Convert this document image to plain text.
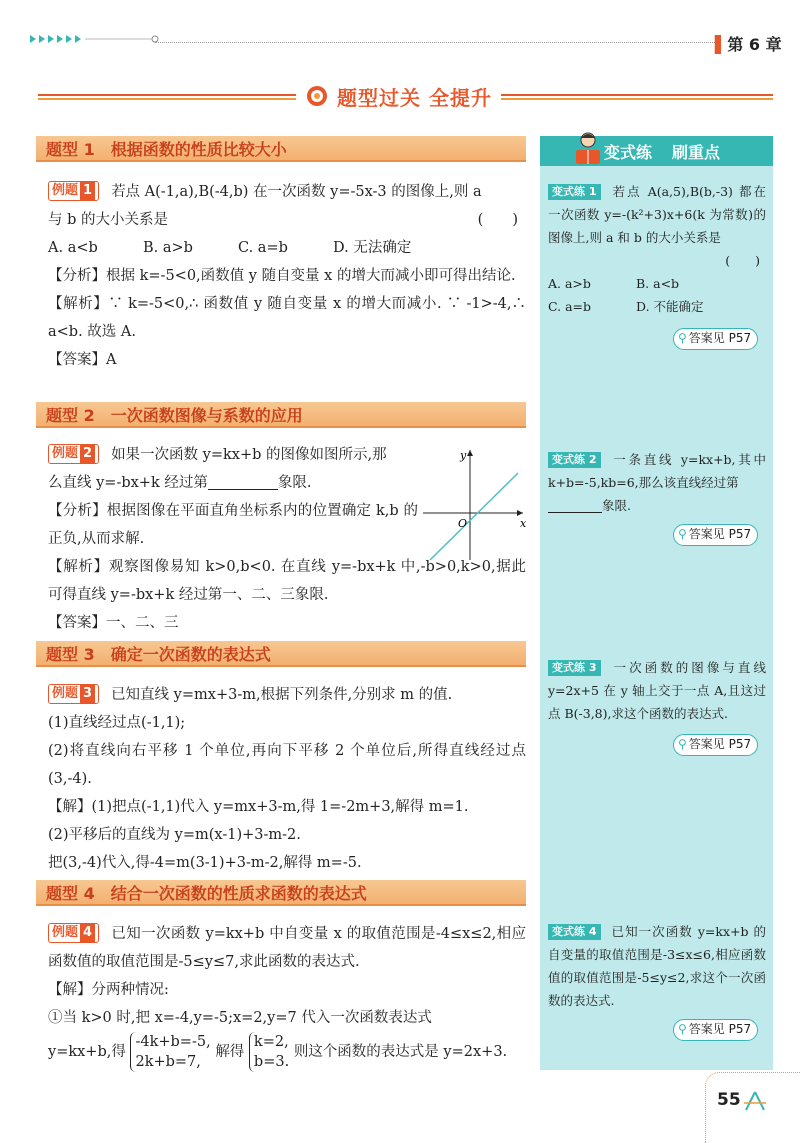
▌第 6 章
题型过关 全提升
题型 1　根据函数的性质比较大小
例题 1 若点 A(-1,a),B(-4,b) 在一次函数 y=-5x-3 的图像上,则 a
与 b 的大小关系是	(　　)

A. a<b	B. a>b	C. a=b	D. 无法确定
【分析】根据 k=-5<0,函数值 y 随自变量 x 的增大而减小即可得出结论.
【解析】∵ k=-5<0,∴ 函数值 y 随自变量 x 的增大而减小. ∵ -1>-4,∴ a<b. 故选 A.
【答案】A
题型 2　一次函数图像与系数的应用
例题 2 如果一次函数 y=kx+b 的图像如图所示,那
么直线 y=-bx+k 经过第	象限.
【分析】根据图像在平面直角坐标系内的位置确定 k,b 的正负,从而求解.
【解析】观察图像易知 k>0,b<0. 在直线 y=-bx+k 中,-b>0,k>0,据此可得直线 y=-bx+k 经过第一、二、三象限.
【答案】一、二、三
x
y
O
题型 3　确定一次函数的表达式
例题 3 已知直线 y=mx+3-m,根据下列条件,分别求 m 的值.
(1)直线经过点(-1,1);
(2)将直线向右平移 1 个单位,再向下平移 2 个单位后,所得直线经过点(3,-4).
【解】(1)把点(-1,1)代入 y=mx+3-m,得 1=-2m+3,解得 m=1.
(2)平移后的直线为 y=m(x-1)+3-m-2.
把(3,-4)代入,得-4=m(3-1)+3-m-2,解得 m=-5.
题型 4　结合一次函数的性质求函数的表达式
例题 4 已知一次函数 y=kx+b 中自变量 x 的取值范围是-4≤x≤2,相应函数值的取值范围是-5≤y≤7,求此函数的表达式.
【解】分两种情况:
①当 k>0 时,把 x=-4,y=-5;x=2,y=7 代入一次函数表达式
y=kx+b,得 -4k+b=-5,
2k+b=7, 解得 k=2,
b=3. 则这个函数的表达式是 y=2x+3.
变式练 刷重点
变式练 1 若点 A(a,5),B(b,-3) 都在一次函数 y=-(k²+3)x+6(k 为常数)的图像上,则 a 和 b 的大小关系是

(　　)

A. a>b	B. a<b
C. a=b	D. 不能确定
⚲ 答案见 P57
变式练 2 一条直线 y=kx+b,其中 k+b=-5,kb=6,那么该直线经过第
象限.
⚲ 答案见 P57
变式练 3 一次函数的图像与直线 y=2x+5 在 y 轴上交于一点 A,且这过点 B(-3,8),求这个函数的表达式.
⚲ 答案见 P57
变式练 4 已知一次函数 y=kx+b 的自变量的取值范围是-3≤x≤6,相应函数值的取值范围是-5≤y≤2,求这个一次函数的表达式.
⚲ 答案见 P57
55
